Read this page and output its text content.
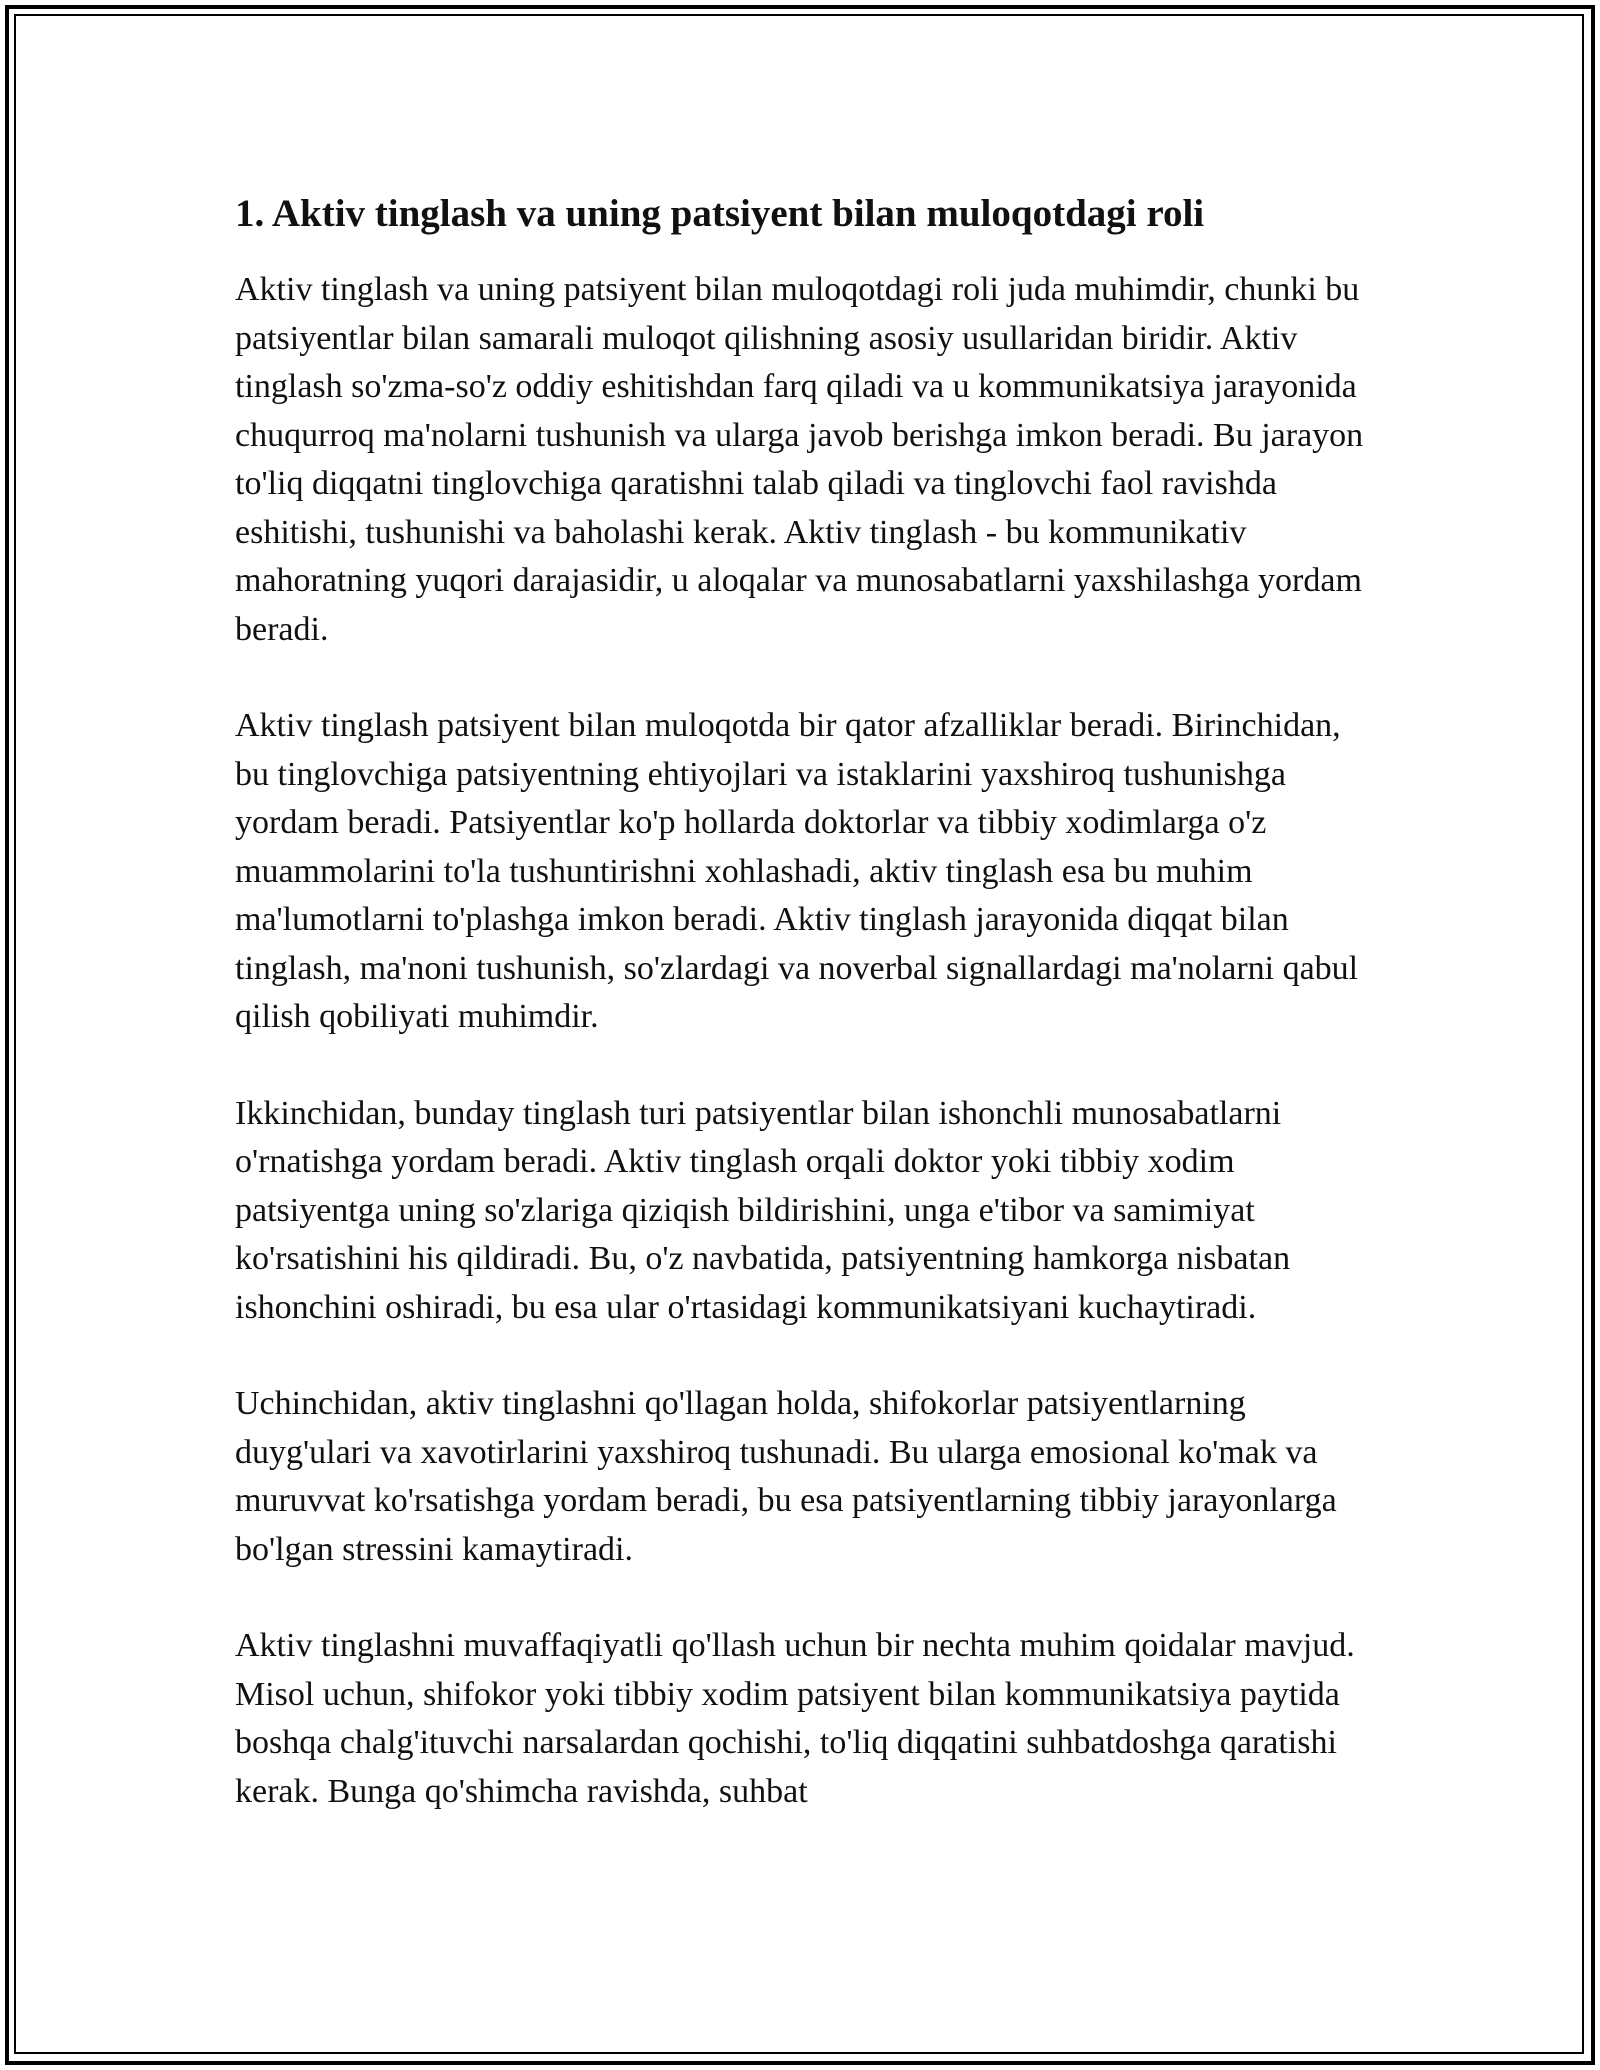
1. Aktiv tinglash va uning patsiyent bilan muloqotdagi roli

Aktiv tinglash va uning patsiyent bilan muloqotdagi roli juda muhimdir, chunki bu patsiyentlar bilan samarali muloqot qilishning asosiy usullaridan biridir. Aktiv tinglash so'zma-so'z oddiy eshitishdan farq qiladi va u kommunikatsiya jarayonida chuqurroq ma'nolarni tushunish va ularga javob berishga imkon beradi. Bu jarayon to'liq diqqatni tinglovchiga qaratishni talab qiladi va tinglovchi faol ravishda eshitishi, tushunishi va baholashi kerak. Aktiv tinglash - bu kommunikativ mahoratning yuqori darajasidir, u aloqalar va munosabatlarni yaxshilashga yordam beradi.

Aktiv tinglash patsiyent bilan muloqotda bir qator afzalliklar beradi. Birinchidan, bu tinglovchiga patsiyentning ehtiyojlari va istaklarini yaxshiroq tushunishga yordam beradi. Patsiyentlar ko'p hollarda doktorlar va tibbiy xodimlarga o'z muammolarini to'la tushuntirishni xohlashadi, aktiv tinglash esa bu muhim ma'lumotlarni to'plashga imkon beradi. Aktiv tinglash jarayonida diqqat bilan tinglash, ma'noni tushunish, so'zlardagi va noverbal signallardagi ma'nolarni qabul qilish qobiliyati muhimdir.

Ikkinchidan, bunday tinglash turi patsiyentlar bilan ishonchli munosabatlarni o'rnatishga yordam beradi. Aktiv tinglash orqali doktor yoki tibbiy xodim patsiyentga uning so'zlariga qiziqish bildirishini, unga e'tibor va samimiyat ko'rsatishini his qildiradi. Bu, o'z navbatida, patsiyentning hamkorga nisbatan ishonchini oshiradi, bu esa ular o'rtasidagi kommunikatsiyani kuchaytiradi.

Uchinchidan, aktiv tinglashni qo'llagan holda, shifokorlar patsiyentlarning duyg'ulari va xavotirlarini yaxshiroq tushunadi. Bu ularga emosional ko'mak va muruvvat ko'rsatishga yordam beradi, bu esa patsiyentlarning tibbiy jarayonlarga bo'lgan stressini kamaytiradi.

Aktiv tinglashni muvaffaqiyatli qo'llash uchun bir nechta muhim qoidalar mavjud. Misol uchun, shifokor yoki tibbiy xodim patsiyent bilan kommunikatsiya paytida boshqa chalg'ituvchi narsalardan qochishi, to'liq diqqatini suhbatdoshga qaratishi kerak. Bunga qo'shimcha ravishda, suhbat
